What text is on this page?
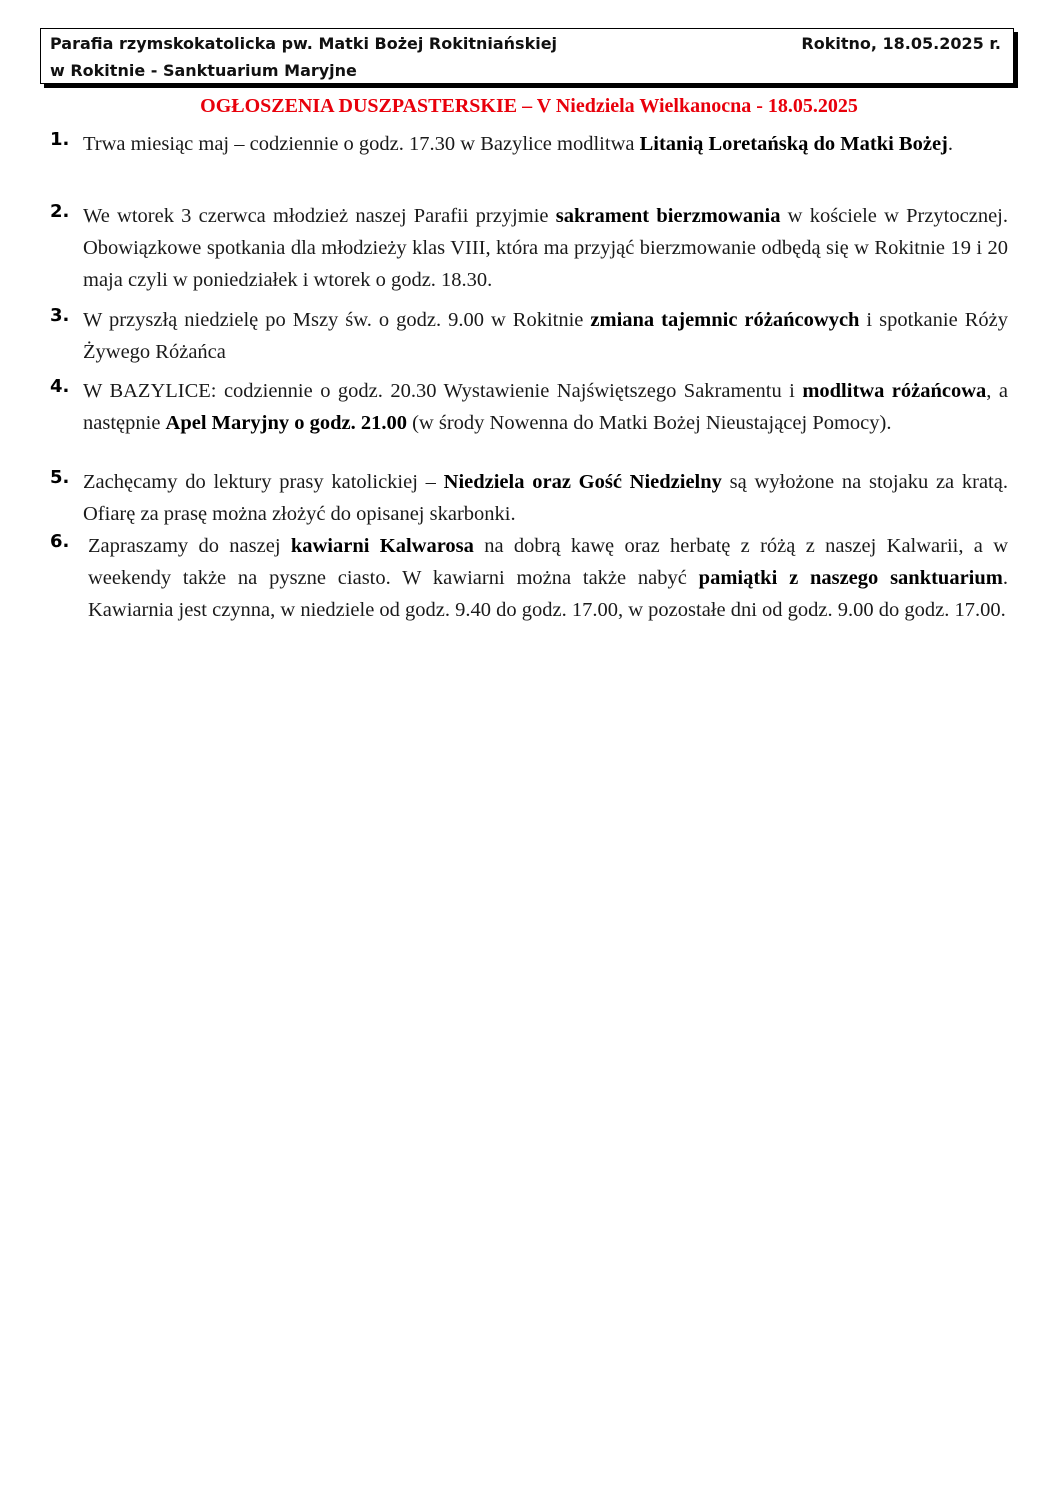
Parafia rzymskokatolicka pw. Matki Bożej Rokitniańskiej	Rokitno, 18.05.2025 r.
w Rokitnie - Sanktuarium Maryjne
OGŁOSZENIA DUSZPASTERSKIE – V Niedziela Wielkanocna - 18.05.2025
1. Trwa miesiąc maj – codziennie o godz. 17.30 w Bazylice modlitwa Litanią Loretańską do Matki Bożej.
2. We wtorek 3 czerwca młodzież naszej Parafii przyjmie sakrament bierzmowania w kościele w Przytocznej. Obowiązkowe spotkania dla młodzieży klas VIII, która ma przyjąć bierzmowanie odbędą się w Rokitnie 19 i 20 maja czyli w poniedziałek i wtorek o godz. 18.30.
3. W przyszłą niedzielę po Mszy św. o godz. 9.00 w Rokitnie zmiana tajemnic różańcowych i spotkanie Róży Żywego Różańca
4. W BAZYLICE: codziennie o godz. 20.30 Wystawienie Najświętszego Sakramentu i modlitwa różańcowa, a następnie Apel Maryjny o godz. 21.00 (w środy Nowenna do Matki Bożej Nieustającej Pomocy).
5. Zachęcamy do lektury prasy katolickiej – Niedziela oraz Gość Niedzielny są wyłożone na stojaku za kratą. Ofiarę za prasę można złożyć do opisanej skarbonki.
6. Zapraszamy do naszej kawiarni Kalwarosa na dobrą kawę oraz herbatę z różą z naszej Kalwarii, a w weekendy także na pyszne ciasto. W kawiarni można także nabyć pamiątki z naszego sanktuarium. Kawiarnia jest czynna, w niedziele od godz. 9.40 do godz. 17.00, w pozostałe dni od godz. 9.00 do godz. 17.00.
